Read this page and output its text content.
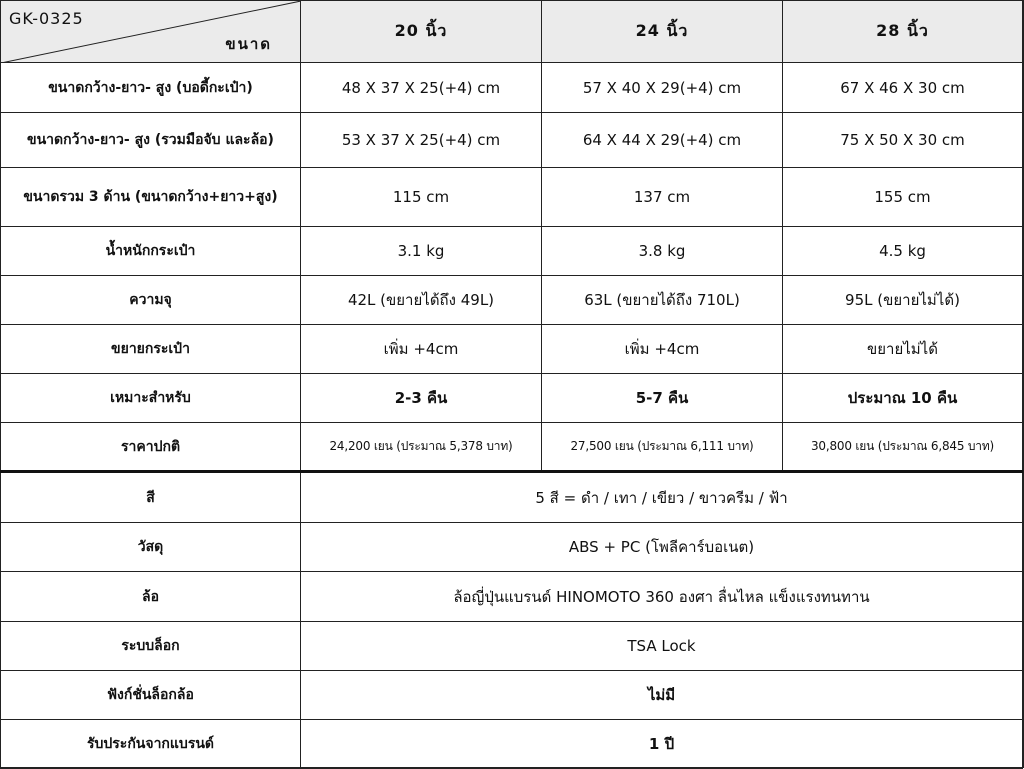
GK-0325
ขนาด	20 นิ้ว	24 นิ้ว	28 นิ้ว
ขนาดกว้าง-ยาว- สูง (บอดี้กะเป๋า)	48 X 37 X 25(+4) cm	57 X 40 X 29(+4) cm	67 X 46 X 30 cm
ขนาดกว้าง-ยาว- สูง (รวมมือจับ และล้อ)	53 X 37 X 25(+4) cm	64 X 44 X 29(+4) cm	75 X 50 X 30 cm
ขนาดรวม 3 ด้าน (ขนาดกว้าง+ยาว+สูง)	115 cm	137 cm	155 cm
น้ำหนักกระเป๋า	3.1 kg	3.8 kg	4.5 kg
ความจุ	42L (ขยายได้ถึง 49L)	63L (ขยายได้ถึง 710L)	95L (ขยายไม่ได้)
ขยายกระเป๋า	เพิ่ม +4cm	เพิ่ม +4cm	ขยายไม่ได้
เหมาะสำหรับ	2-3 คืน	5-7 คืน	ประมาณ 10 คืน
ราคาปกติ	24,200 เยน (ประมาณ 5,378 บาท)	27,500 เยน (ประมาณ 6,111 บาท)	30,800 เยน (ประมาณ 6,845 บาท)
สี	5 สี = ดำ / เทา / เขียว / ขาวครีม / ฟ้า		
วัสดุ	ABS + PC (โพลีคาร์บอเนต)		
ล้อ	ล้อญี่ปุ่นแบรนด์ HINOMOTO 360 องศา ลื่นไหล แข็งแรงทนทาน		
ระบบล็อก	TSA Lock		
ฟังก์ชั่นล็อกล้อ	ไม่มี		
รับประกันจากแบรนด์	1 ปี		
